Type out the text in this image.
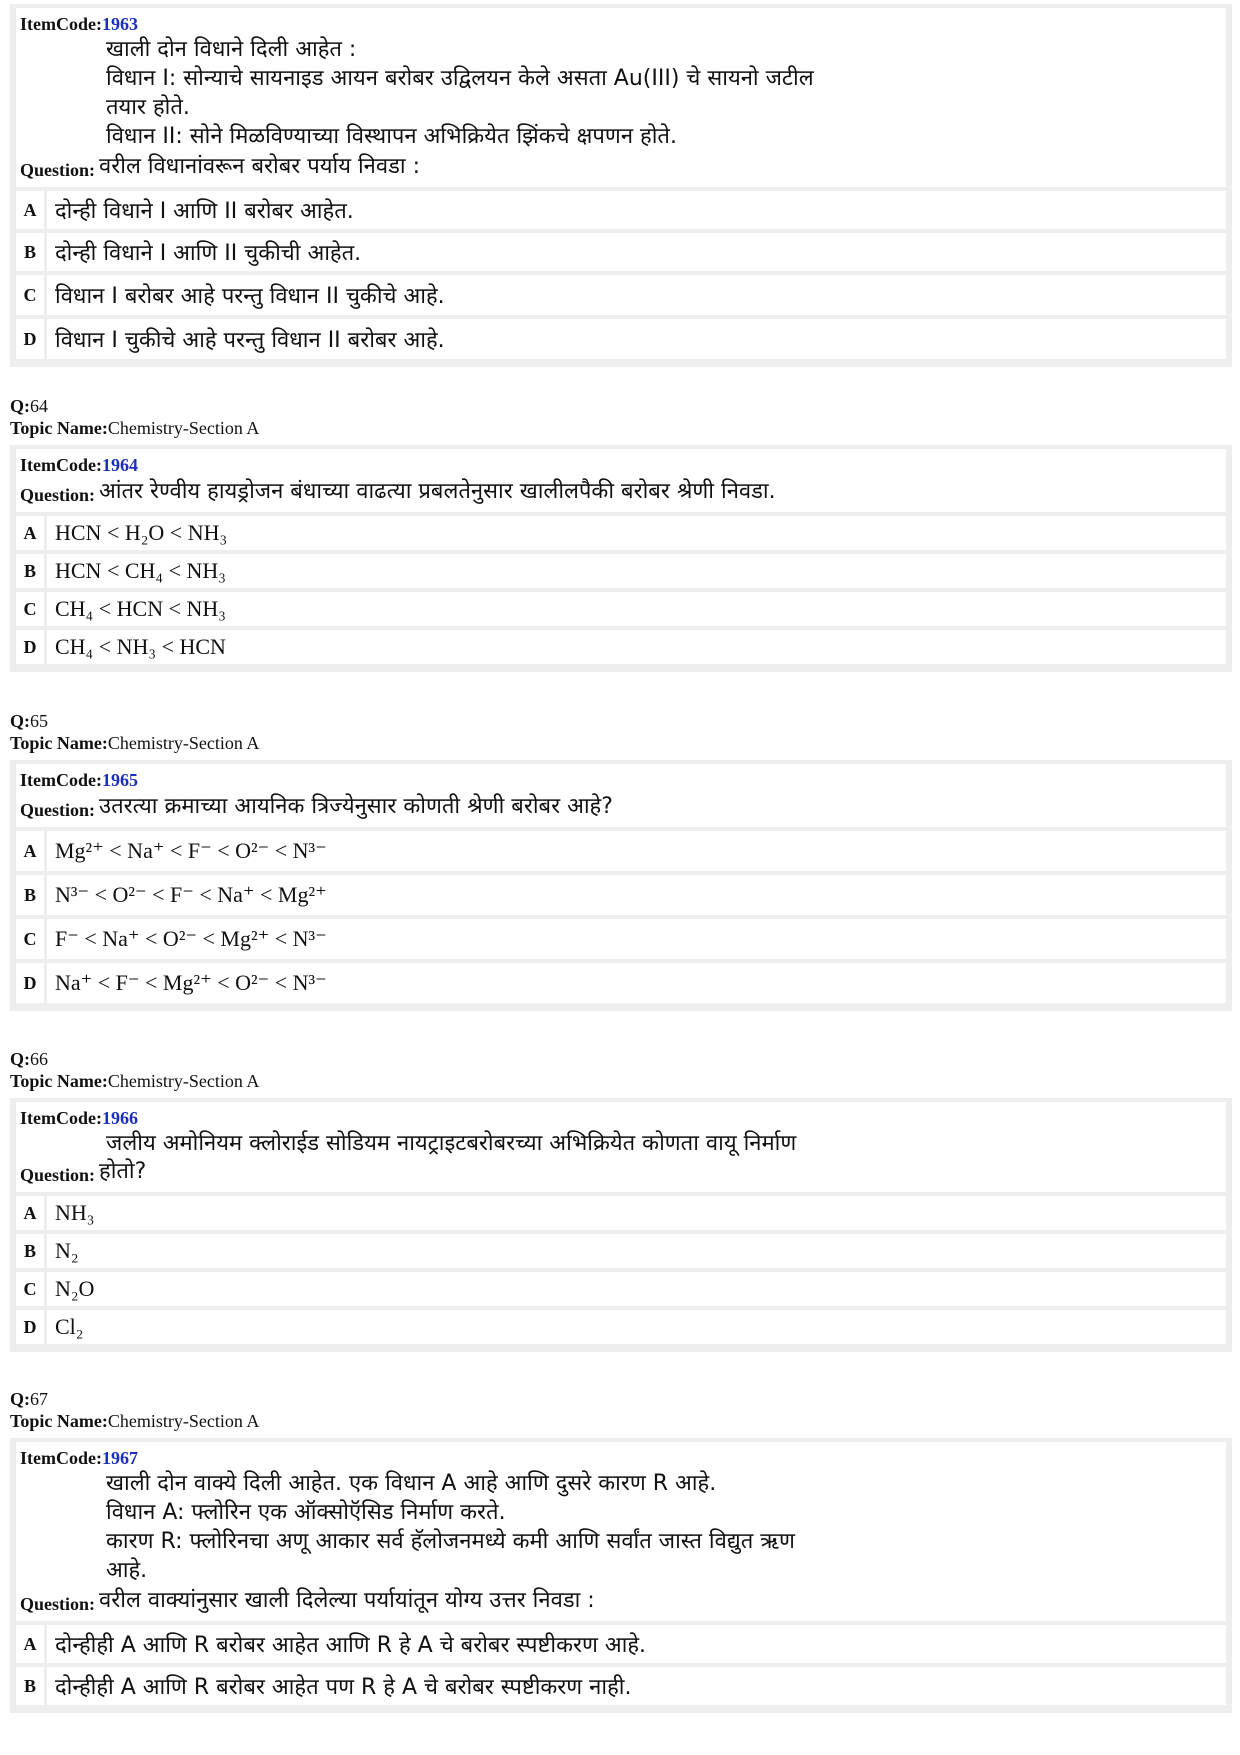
ItemCode:1963
खाली दोन विधाने दिली आहेत :
विधान I: सोन्याचे सायनाइड आयन बरोबर उद्विलयन केले असता Au(III) चे सायनो जटील
तयार होते.
विधान II: सोने मिळविण्याच्या विस्थापन अभिक्रियेत झिंकचे क्षपणन होते.
Question: वरील विधानांवरून बरोबर पर्याय निवडा :
A दोन्ही विधाने I आणि II बरोबर आहेत.
B दोन्ही विधाने I आणि II चुकीची आहेत.
C विधान I बरोबर आहे परन्तु विधान II चुकीचे आहे.
D विधान I चुकीचे आहे परन्तु विधान II बरोबर आहे.
Q:64
Topic Name:Chemistry-Section A
ItemCode:1964
Question: आंतर रेण्वीय हायड्रोजन बंधाच्या वाढत्या प्रबलतेनुसार खालीलपैकी बरोबर श्रेणी निवडा.
A HCN < H₂O < NH₃
B HCN < CH₄ < NH₃
C CH₄ < HCN < NH₃
D CH₄ < NH₃ < HCN
Q:65
Topic Name:Chemistry-Section A
ItemCode:1965
Question: उतरत्या क्रमाच्या आयनिक त्रिज्येनुसार कोणती श्रेणी बरोबर आहे?
A Mg²⁺ < Na⁺ < F⁻ < O²⁻ < N³⁻
B N³⁻ < O²⁻ < F⁻ < Na⁺ < Mg²⁺
C F⁻ < Na⁺ < O²⁻ < Mg²⁺ < N³⁻
D Na⁺ < F⁻ < Mg²⁺ < O²⁻ < N³⁻
Q:66
Topic Name:Chemistry-Section A
ItemCode:1966
जलीय अमोनियम क्लोराईड सोडियम नायट्राइटबरोबरच्या अभिक्रियेत कोणता वायू निर्माण
Question: होतो?
A NH₃
B N₂
C N₂O
D Cl₂
Q:67
Topic Name:Chemistry-Section A
ItemCode:1967
खाली दोन वाक्ये दिली आहेत. एक विधान A आहे आणि दुसरे कारण R आहे.
विधान A: फ्लोरिन एक ऑक्सोऍसिड निर्माण करते.
कारण R: फ्लोरिनचा अणू आकार सर्व हॅलोजनमध्ये कमी आणि सर्वांत जास्त विद्युत ऋण
आहे.
Question: वरील वाक्यांनुसार खाली दिलेल्या पर्यायांतून योग्य उत्तर निवडा :
A दोन्हीही A आणि R बरोबर आहेत आणि R हे A चे बरोबर स्पष्टीकरण आहे.
B दोन्हीही A आणि R बरोबर आहेत पण R हे A चे बरोबर स्पष्टीकरण नाही.
